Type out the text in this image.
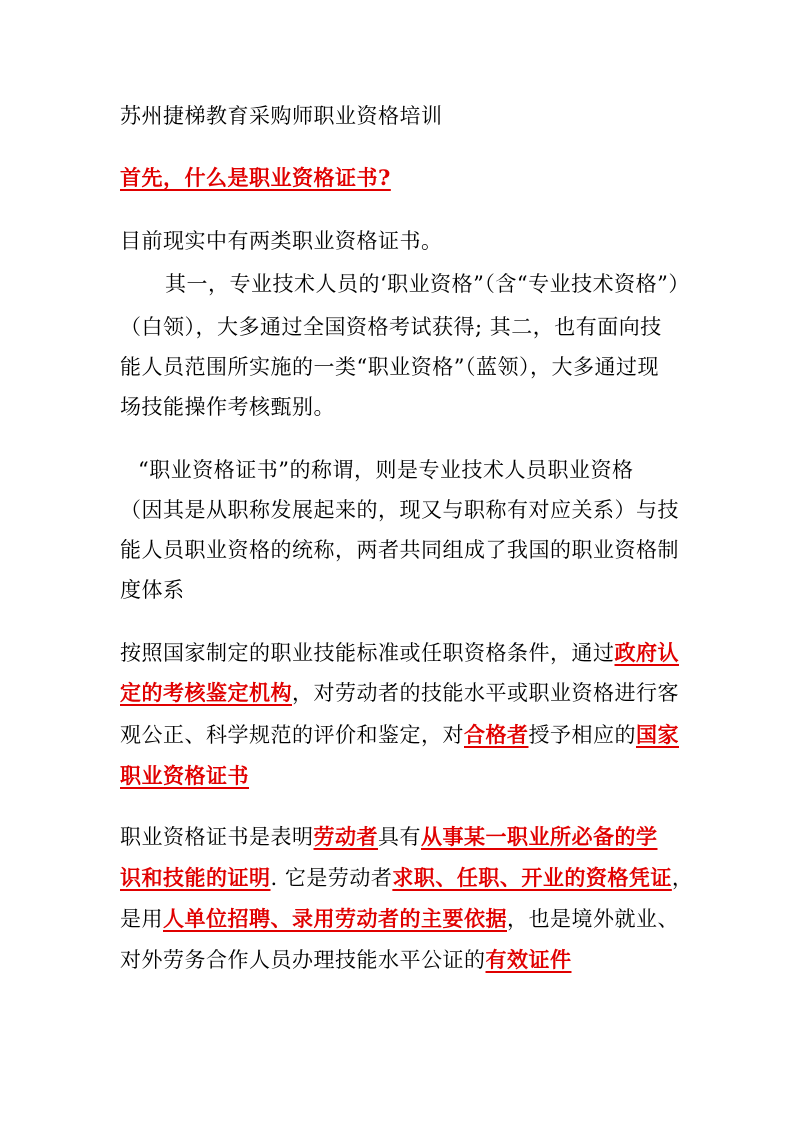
苏州捷梯教育采购师职业资格培训
首先，什么是职业资格证书?
目前现实中有两类职业资格证书。
其一，专业技术人员的‘职业资格”（含“专业技术资格”）
（白领），大多通过全国资格考试获得; 其二，也有面向技
能人员范围所实施的一类“职业资格”（蓝领），大多通过现
场技能操作考核甄别。
“职业资格证书”的称谓，则是专业技术人员职业资格
（因其是从职称发展起来的，现又与职称有对应关系）与技
能人员职业资格的统称，两者共同组成了我国的职业资格制
度体系
按照国家制定的职业技能标准或任职资格条件，通过政府认
定的考核鉴定机构，对劳动者的技能水平或职业资格进行客
观公正、科学规范的评价和鉴定，对合格者授予相应的国家
职业资格证书
职业资格证书是表明劳动者具有从事某一职业所必备的学
识和技能的证明. 它是劳动者求职、任职、开业的资格凭证，
是用人单位招聘、录用劳动者的主要依据，也是境外就业、
对外劳务合作人员办理技能水平公证的有效证件
